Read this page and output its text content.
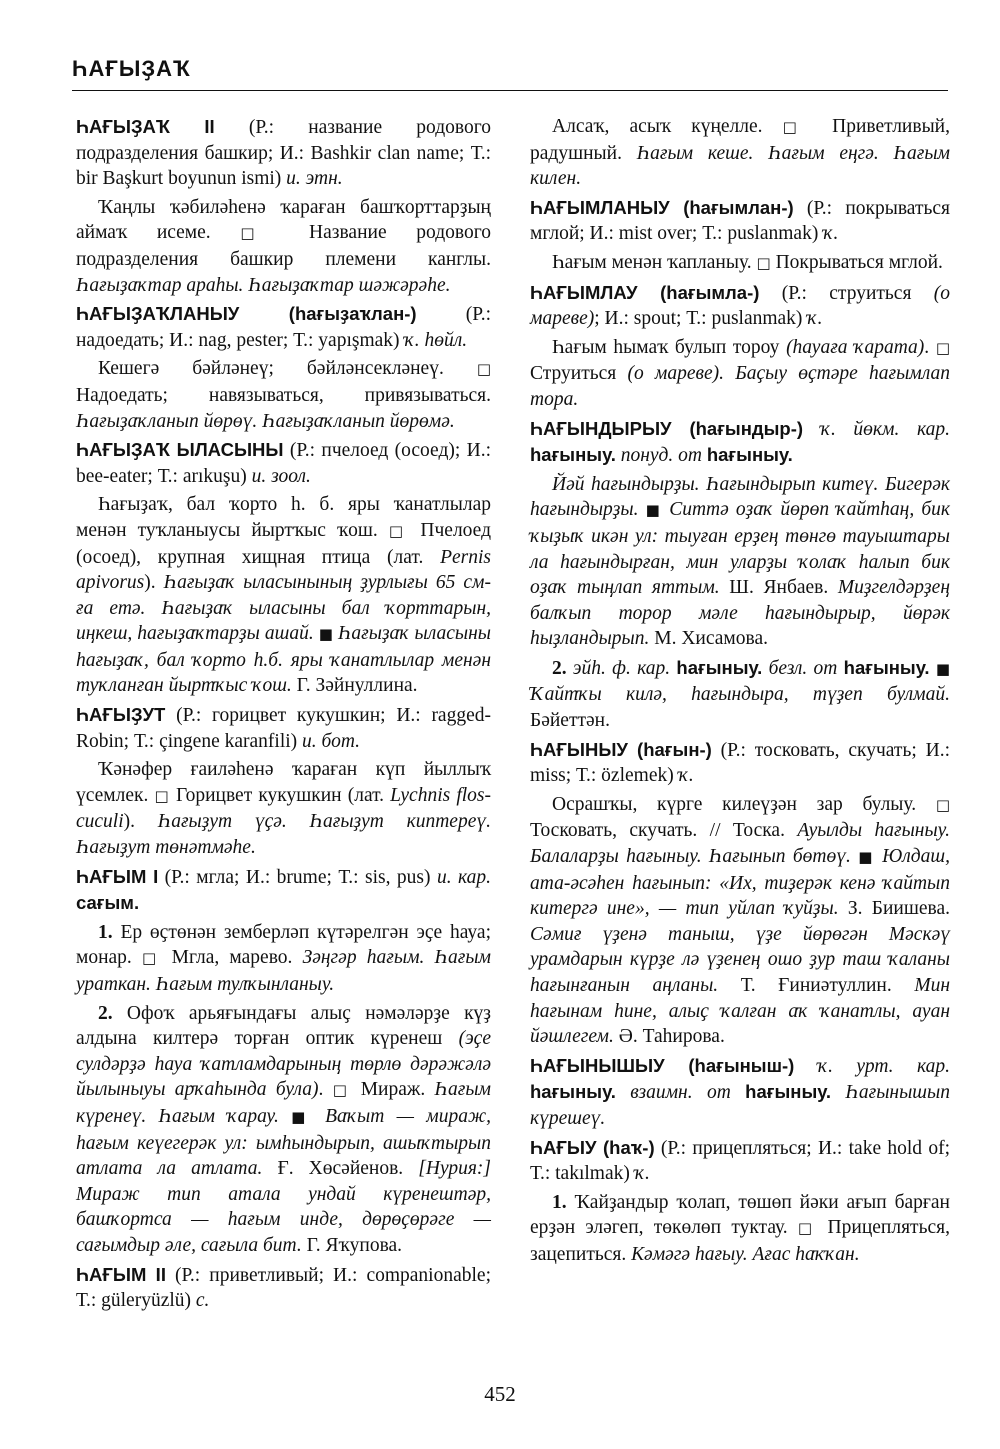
ҺАҒЫҘАҠ

ҺАҒЫҘАҠ II (Р.: название родового подразделения башкир; И.: Bashkir clan name; Т.: bir Başkurt boyunun ismi) и. этн.

Ҡаңлы ҡәбиләһенә ҡараған башҡорттарҙың аймаҡ исеме. □ Название родового подразделения башкир племени канглы. Һағыҙаҡтар араһы. Һағыҙаҡтар шәжәрәһе.

ҺАҒЫҘАҠЛАНЫУ (һағыҙаҡлан-) (Р.: надоедать; И.: nag, pester; Т.: yapışmak) ҡ. һөйл.

Кешегә бәйләнеү; бәйләнсекләнеү. □ Надоедать; навязываться, привязываться. Һағыҙаҡланып йөрөү. Һағыҙаҡланып йөрөмә.

ҺАҒЫҘАҠ ЫЛАСЫНЫ (Р.: пчелоед (осоед); И.: bee-eater; Т.: arıkuşu) и. зоол.

Һағыҙаҡ, бал ҡорто һ. б. яры ҡанатлылар менән туҡланыусы йыртҡыс ҡош. □ Пчелоед (осоед), крупная хищная птица (лат. Pernis apivorus). Һағыҙаҡ ыласынының ҙурлығы 65 см-ға етә. Һағыҙаҡ ыласыны бал ҡорттарын, иңкеш, һағыҙаҡтарҙы ашай. ■ Һағыҙаҡ ыласыны һағыҙаҡ, бал ҡорто һ.б. яры ҡанатлылар менән туҡланған йыртҡыс ҡош. Г. Зәйнуллина.

ҺАҒЫҘУТ (Р.: горицвет кукушкин; И.: ragged-Robin; Т.: çingene karanfili) и. бот.

Ҡәнәфер ғаиләһенә ҡараған күп йыллыҡ үсемлек. □ Горицвет кукушкин (лат. Lychnis flos-cuculi). Һағыҙут үҫә. Һағыҙут киптереү. Һағыҙут төнәтмәһе.

ҺАҒЫМ I (Р.: мгла; И.: brume; Т.: sis, pus) и. кар. сағым.

1. Ер өҫтөнән земберләп күтәрелгән эҫе һауа; монар. □ Мгла, марево. Зәңгәр һағым. Һағым ураткан. Һағым тулҡынланыу.

2. Офоҡ арьяғындағы алыҫ нәмәләрҙе күҙ алдына килтерә торған оптик күренеш (эҫе сулдәрҙә һауа ҡатламдарының төрлө дәрәжәлә йылыныуы арҡаһында була). □ Мираж. Һағым күренеү. Һағым ҡарау. ■ Ваҡыт — мираж, һағым кеүегерәк ул: ымһындырып, ашыҡтырып атлата ла атлата. Ғ. Хөсәйенов. [Нурия:] Мираж тип атала ундай күренештәр, башҡортса — һағым инде, дөрөҫөрәге — сағымдыр әле, сағыла бит. Г. Яҡупова.

ҺАҒЫМ II (Р.: приветливый; И.: companionable; Т.: güleryüzlü) с.

Алсаҡ, асыҡ күңелле. □ Приветливый, радушный. Һағым кеше. Һағым еңгә. Һағым килен.

ҺАҒЫМЛАНЫУ (һағымлан-) (Р.: покрываться мглой; И.: mist over; Т.: puslanmak) ҡ.

Һағым менән ҡапланыу. □ Покрываться мглой.

ҺАҒЫМЛАУ (һағымла-) (Р.: струиться (о мареве); И.: spout; Т.: puslanmak) ҡ.

Һағым һымаҡ булып тороу (һауаға ҡарата). □ Струиться (о мареве). Баҫыу өҫтәре һағымлап тора.

ҺАҒЫНДЫРЫУ (һағындыр-) ҡ. йөкм. кар. һағыныу. понуд. от һағыныу.

Йәй һағындырҙы. Һағындырып китеү. Бигерәк һағындырҙы. ■ Ситтә оҙаҡ йөрөп ҡайтһаң, бик ҡыҙыҡ икән ул: тыуған ерҙең төнгө тауыштары ла һағындырған, мин уларҙы ҡолаҡ һалып бик оҙаҡ тыңлап яттым. Ш. Янбаев. Миҙгелдәрҙең балҡып торор мәле һағындырыр, йөрәк һыҙландырып. М. Хисамова.

2. эйһ. ф. кар. һағыныу. безл. от һағыныу. ■ Ҡайтҡы килә, һағындыра, түҙеп булмай. Бәйеттән.

ҺАҒЫНЫУ (һағын-) (Р.: тосковать, скучать; И.: miss; Т.: özlemek) ҡ.

Осрашҡы, күрге килеүҙән зар булыу. □ Тосковать, скучать. // Тоска. Ауылды һағыныу. Балаларҙы һағыныу. Һағынып бөтөү. ■ Юлдаш, ата-әсәһен һағынып: «Их, тиҙерәк кенә ҡайтып китергә ине», — тип уйлап ҡуйҙы. З. Биишева. Сәмиғ үҙенә таныш, үҙе йөрөгән Мәскәү урамдарын күрҙе лә үҙенең ошо ҙур таш ҡаланы һағынғанын аңланы. Т. Ғиниәтуллин. Мин һағынам һине, алыҫ ҡалған аҡ ҡанатлы, ауан йәшлегем. Ә. Таһирова.

ҺАҒЫНЫШЫУ (һағыныш-) ҡ. урт. кар. һағыныу. взаимн. от һағыныу. Һағынышып күрешеү.

ҺАҒЫУ (һаҡ-) (Р.: прицепляться; И.: take hold of; Т.: takılmak) ҡ.

1. Ҡайҙандыр ҡолап, төшөп йәки ағып барған ерҙән эләгеп, төкөлөп туктау. □ Прицепляться, зацепиться. Кәмәгә һағыу. Ағас һаҡҡан.

452
